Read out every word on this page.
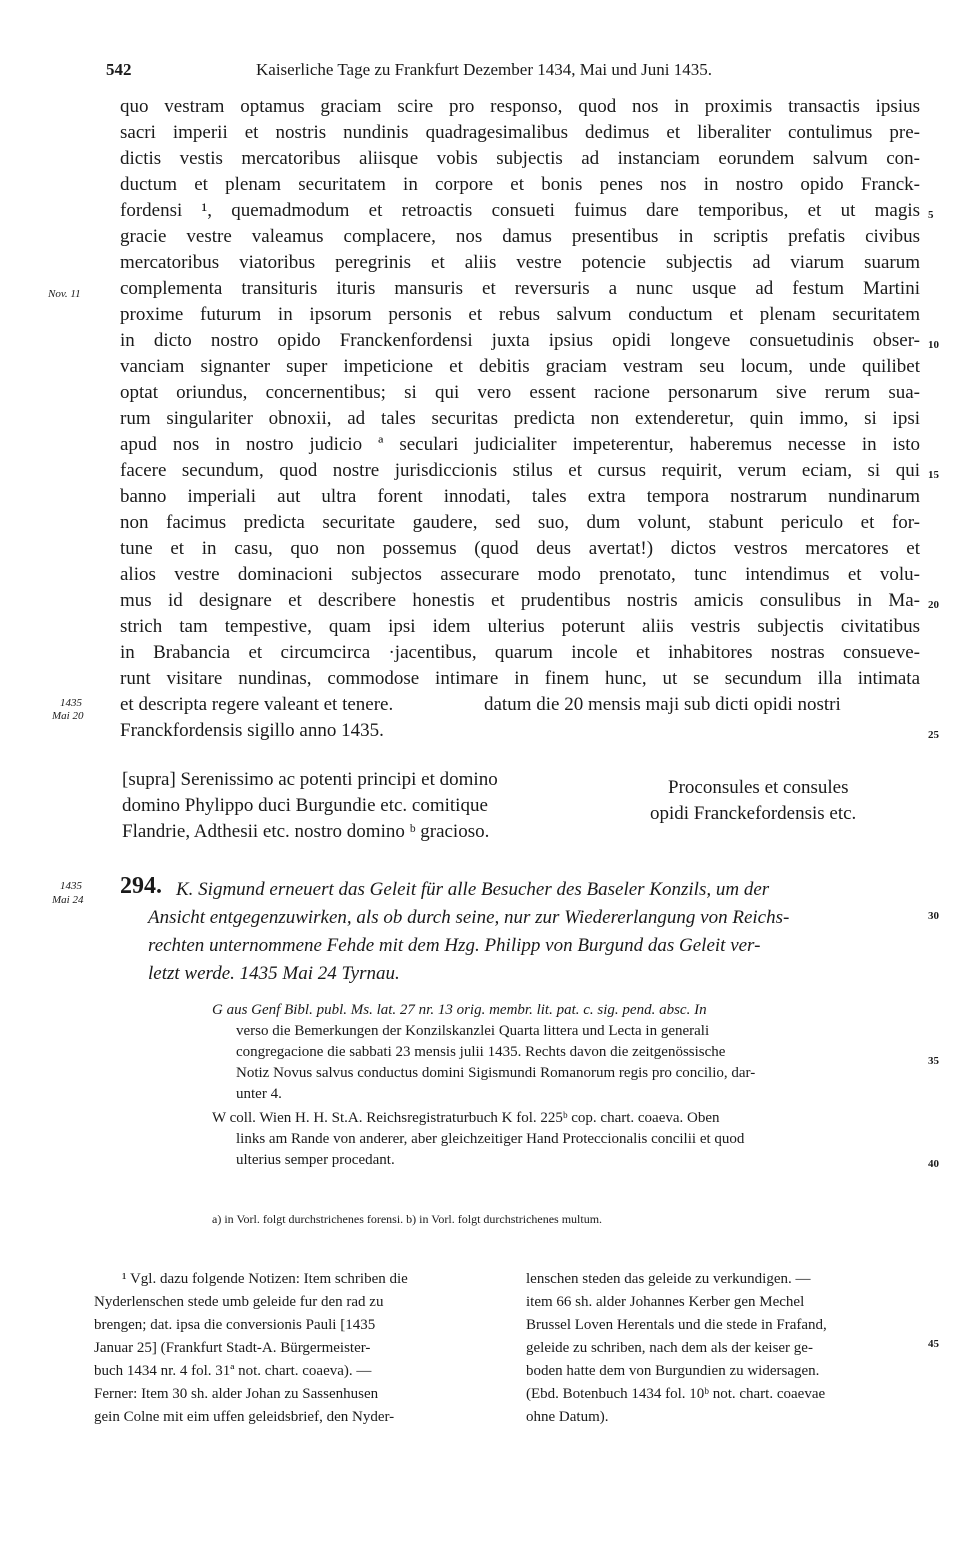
542	Kaiserliche Tage zu Frankfurt Dezember 1434, Mai und Juni 1435.
quo vestram optamus graciam scire pro responso, quod nos in proximis transactis ipsius
sacri imperii et nostris nundinis quadragesimalibus dedimus et liberaliter contulimus pre-
dictis vestis mercatoribus aliisque vobis subjectis ad instanciam eorundem salvum con-
ductum et plenam securitatem in corpore et bonis penes nos in nostro opido Franck-
fordensi ¹, quemadmodum et retroactis consueti fuimus dare temporibus, et ut magis
gracie vestre valeamus complacere, nos damus presentibus in scriptis prefatis civibus
mercatoribus viatoribus peregrinis et aliis vestre potencie subjectis ad viarum suarum
complementa transituris ituris mansuris et reversuris a nunc usque ad festum Martini
proxime futurum in ipsorum personis et rebus salvum conductum et plenam securitatem
in dicto nostro opido Franckenfordensi juxta ipsius opidi longeve consuetudinis obser-
vanciam signanter super impeticione et debitis graciam vestram seu locum, unde quilibet
optat oriundus, concernentibus; si qui vero essent racione personarum sive rerum sua-
rum singulariter obnoxii, ad tales securitas predicta non extenderetur, quin immo, si ipsi
apud nos in nostro judicio ª seculari judicialiter impeterentur, haberemus necesse in isto
facere secundum, quod nostre jurisdiccionis stilus et cursus requirit, verum eciam, si qui
banno imperiali aut ultra forent innodati, tales extra tempora nostrarum nundinarum
non facimus predicta securitate gaudere, sed suo, dum volunt, stabunt periculo et for-
tune et in casu, quo non possemus (quod deus avertat!) dictos vestros mercatores et
alios vestre dominacioni subjectos assecurare modo prenotato, tunc intendimus et volu-
mus id designare et describere honestis et prudentibus nostris amicis consulibus in Ma-
strich tam tempestive, quam ipsi idem ulterius poterunt aliis vestris subjectis civitatibus
in Brabancia et circumcirca ·jacentibus, quarum incole et inhabitores nostras consueve-
runt visitare nundinas, commodose intimare in finem hunc, ut se secundum illa intimata
et descripta regere valeant et tenere.	datum die 20 mensis maji sub dicti opidi nostri
Franckfordensis sigillo anno 1435.
5
10
15
20
25
30
35
40
45
Nov. 11
1435
Mai 20
1435
Mai 24
[supra] Serenissimo ac potenti principi et domino
domino Phylippo duci Burgundie etc. comitique
Flandrie, Adthesii etc. nostro domino ᵇ gracioso.
Proconsules et consules
opidi Franckefordensis etc.
294. K. Sigmund erneuert das Geleit für alle Besucher des Baseler Konzils, um der
Ansicht entgegenzuwirken, als ob durch seine, nur zur Wiedererlangung von Reichs-
rechten unternommene Fehde mit dem Hzg. Philipp von Burgund das Geleit ver-
letzt werde. 1435 Mai 24 Tyrnau.
G aus Genf Bibl. publ. Ms. lat. 27 nr. 13 orig. membr. lit. pat. c. sig. pend. absc. In
verso die Bemerkungen der Konzilskanzlei Quarta littera und Lecta in generali
congregacione die sabbati 23 mensis julii 1435. Rechts davon die zeitgenössische
Notiz Novus salvus conductus domini Sigismundi Romanorum regis pro concilio, dar-
unter 4.
W coll. Wien H. H. St.A. Reichsregistraturbuch K fol. 225ᵇ cop. chart. coaeva. Oben
links am Rande von anderer, aber gleichzeitiger Hand Proteccionalis concilii et quod
ulterius semper procedant.
a) in Vorl. folgt durchstrichenes forensi. b) in Vorl. folgt durchstrichenes multum.
¹ Vgl. dazu folgende Notizen: Item schriben die
Nyderlenschen stede umb geleide fur den rad zu
brengen; dat. ipsa die conversionis Pauli [1435
Januar 25] (Frankfurt Stadt-A. Bürgermeister-
buch 1434 nr. 4 fol. 31ª not. chart. coaeva). —
Ferner: Item 30 sh. alder Johan zu Sassenhusen
gein Colne mit eim uffen geleidsbrief, den Nyder-
lenschen steden das geleide zu verkundigen. —
item 66 sh. alder Johannes Kerber gen Mechel
Brussel Loven Herentals und die stede in Frafand,
geleide zu schriben, nach dem als der keiser ge-
boden hatte dem von Burgundien zu widersagen.
(Ebd. Botenbuch 1434 fol. 10ᵇ not. chart. coaevae
ohne Datum).
